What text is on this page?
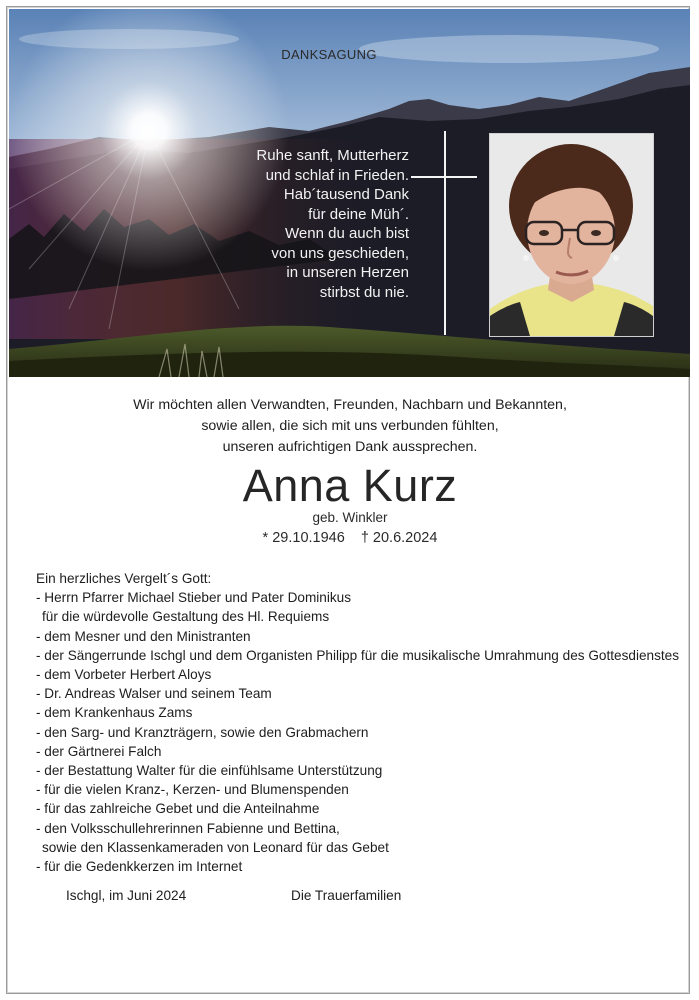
DANKSAGUNG
Ruhe sanft, Mutterherz
und schlaf in Frieden.
Hab´tausend Dank
für deine Müh´.
Wenn du auch bist
von uns geschieden,
in unseren Herzen
stirbst du nie.
Wir möchten allen Verwandten, Freunden, Nachbarn und Bekannten,
sowie allen, die sich mit uns verbunden fühlten,
unseren aufrichtigen Dank aussprechen.
Anna Kurz
geb. Winkler
* 29.10.1946 † 20.6.2024
Ein herzliches Vergelt´s Gott:
- Herrn Pfarrer Michael Stieber und Pater Dominikus
für die würdevolle Gestaltung des Hl. Requiems
- dem Mesner und den Ministranten
- der Sängerrunde Ischgl und dem Organisten Philipp für die musikalische Umrahmung des Gottesdienstes
- dem Vorbeter Herbert Aloys
- Dr. Andreas Walser und seinem Team
- dem Krankenhaus Zams
- den Sarg- und Kranzträgern, sowie den Grabmachern
- der Gärtnerei Falch
- der Bestattung Walter für die einfühlsame Unterstützung
- für die vielen Kranz-, Kerzen- und Blumenspenden
- für das zahlreiche Gebet und die Anteilnahme
- den Volksschullehrerinnen Fabienne und Bettina,
sowie den Klassenkameraden von Leonard für das Gebet
- für die Gedenkkerzen im Internet
Ischgl, im Juni 2024	Die Trauerfamilien
